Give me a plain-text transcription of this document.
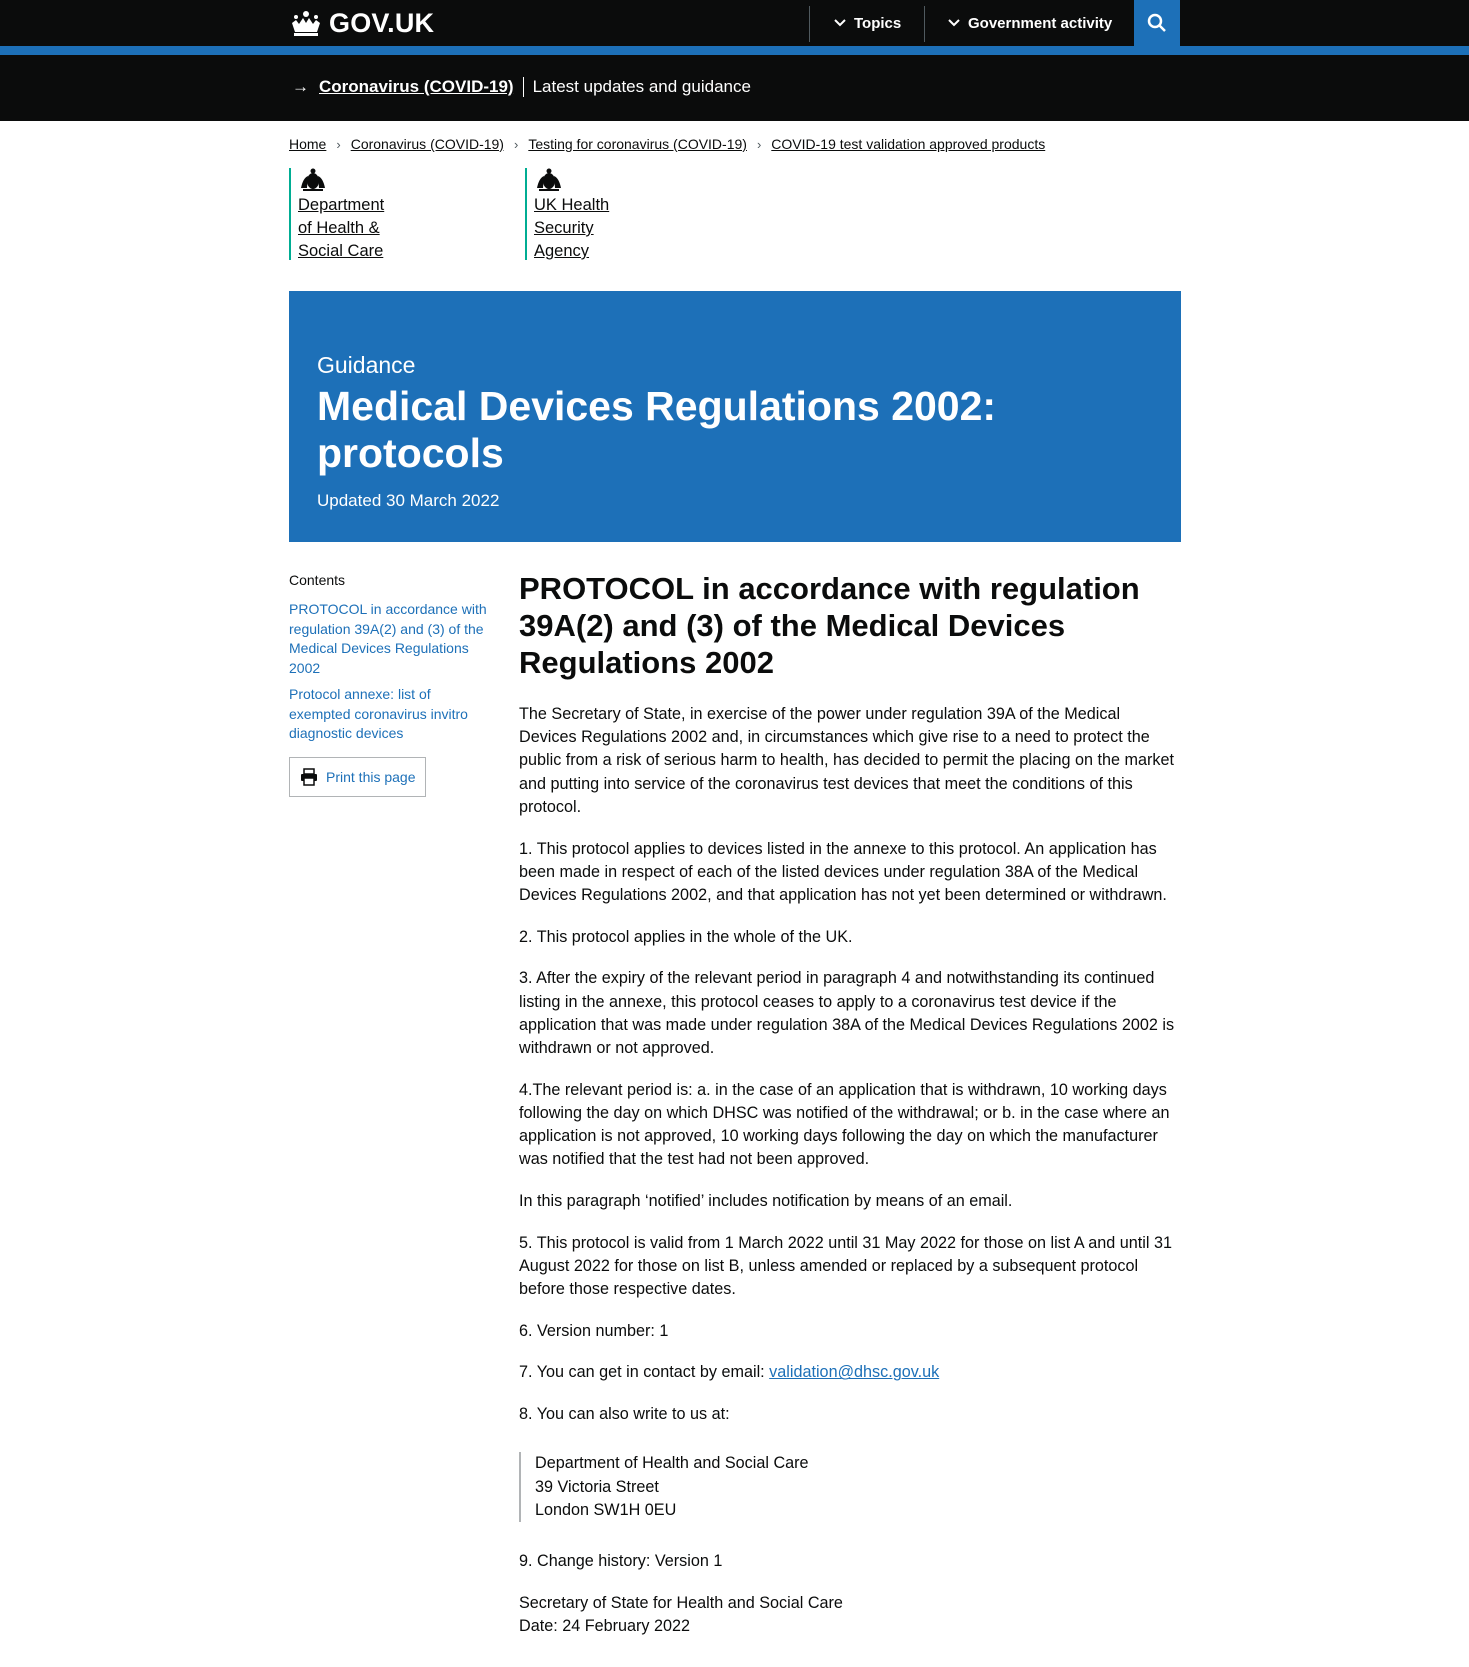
GOV.UK	Topics	Government activity
→ Coronavirus (COVID-19) Latest updates and guidance
Home › Coronavirus (COVID-19) › Testing for coronavirus (COVID-19) › COVID-19 test validation approved products
Department
of Health &
Social Care
UK Health
Security
Agency
Guidance
Medical Devices Regulations 2002: protocols
Updated 30 March 2022
Contents
PROTOCOL in accordance with regulation 39A(2) and (3) of the Medical Devices Regulations 2002
Protocol annexe: list of exempted coronavirus invitro diagnostic devices
Print this page
PROTOCOL in accordance with regulation 39A(2) and (3) of the Medical Devices Regulations 2002

The Secretary of State, in exercise of the power under regulation 39A of the Medical Devices Regulations 2002 and, in circumstances which give rise to a need to protect the public from a risk of serious harm to health, has decided to permit the placing on the market and putting into service of the coronavirus test devices that meet the conditions of this protocol.

1. This protocol applies to devices listed in the annexe to this protocol. An application has been made in respect of each of the listed devices under regulation 38A of the Medical Devices Regulations 2002, and that application has not yet been determined or withdrawn.

2. This protocol applies in the whole of the UK.

3. After the expiry of the relevant period in paragraph 4 and notwithstanding its continued listing in the annexe, this protocol ceases to apply to a coronavirus test device if the application that was made under regulation 38A of the Medical Devices Regulations 2002 is withdrawn or not approved.

4.The relevant period is: a. in the case of an application that is withdrawn, 10 working days following the day on which DHSC was notified of the withdrawal; or b. in the case where an application is not approved, 10 working days following the day on which the manufacturer was notified that the test had not been approved.

In this paragraph ‘notified’ includes notification by means of an email.

5. This protocol is valid from 1 March 2022 until 31 May 2022 for those on list A and until 31 August 2022 for those on list B, unless amended or replaced by a subsequent protocol before those respective dates.

6. Version number: 1

7. You can get in contact by email: validation@dhsc.gov.uk

8. You can also write to us at:

Department of Health and Social Care
39 Victoria Street
London SW1H 0EU

9. Change history: Version 1

Secretary of State for Health and Social Care
Date: 24 February 2022
